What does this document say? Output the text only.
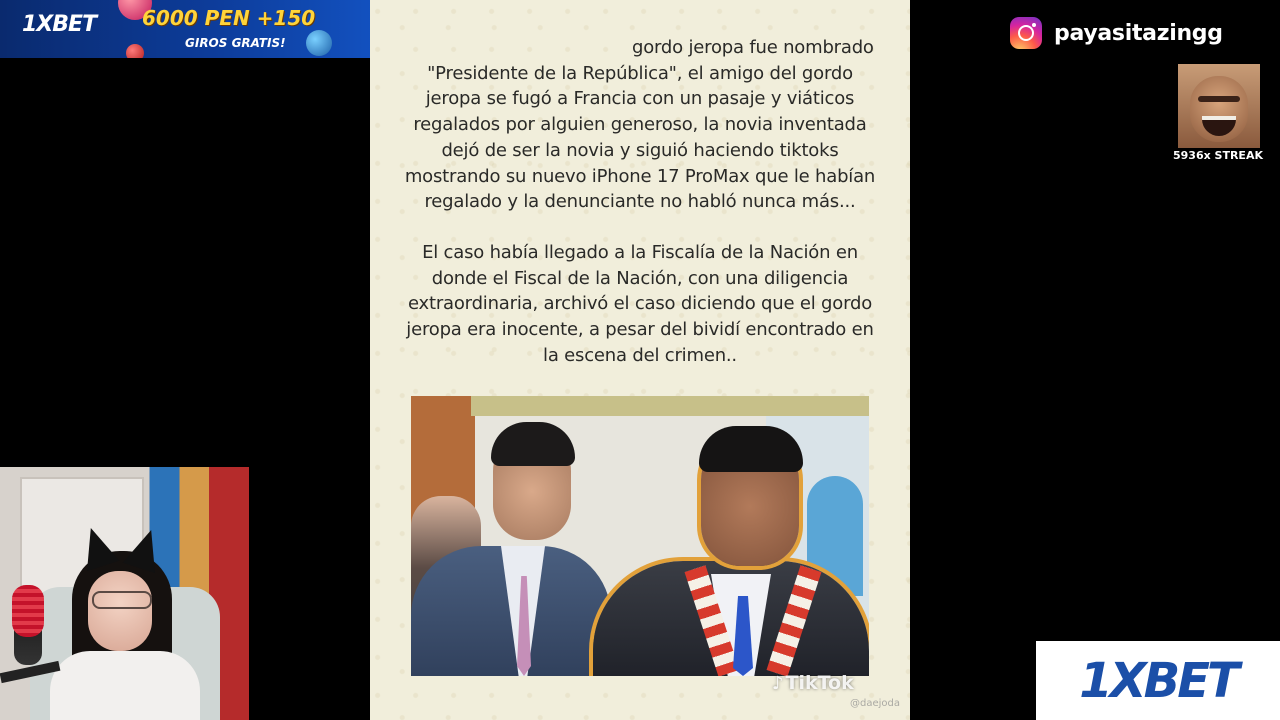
1XBET 6000 PEN +150
GIROS GRATIS!	gordo jeropa fue nombrado
"Presidente de la República", el amigo del gordo
jeropa se fugó a Francia con un pasaje y viáticos
regalados por alguien generoso, la novia inventada
dejó de ser la novia y siguió haciendo tiktoks
mostrando su nuevo iPhone 17 ProMax que le habían
regalado y la denunciante no habló nunca más...

El caso había llegado a la Fiscalía de la Nación en
donde el Fiscal de la Nación, con una diligencia
extraordinaria, archivó el caso diciendo que el gordo
jeropa era inocente, a pesar del bividí encontrado en
la escena del crimen..

♪ TikTok
@daejoda
payasitazingg
5936x STREAK
1XBET
